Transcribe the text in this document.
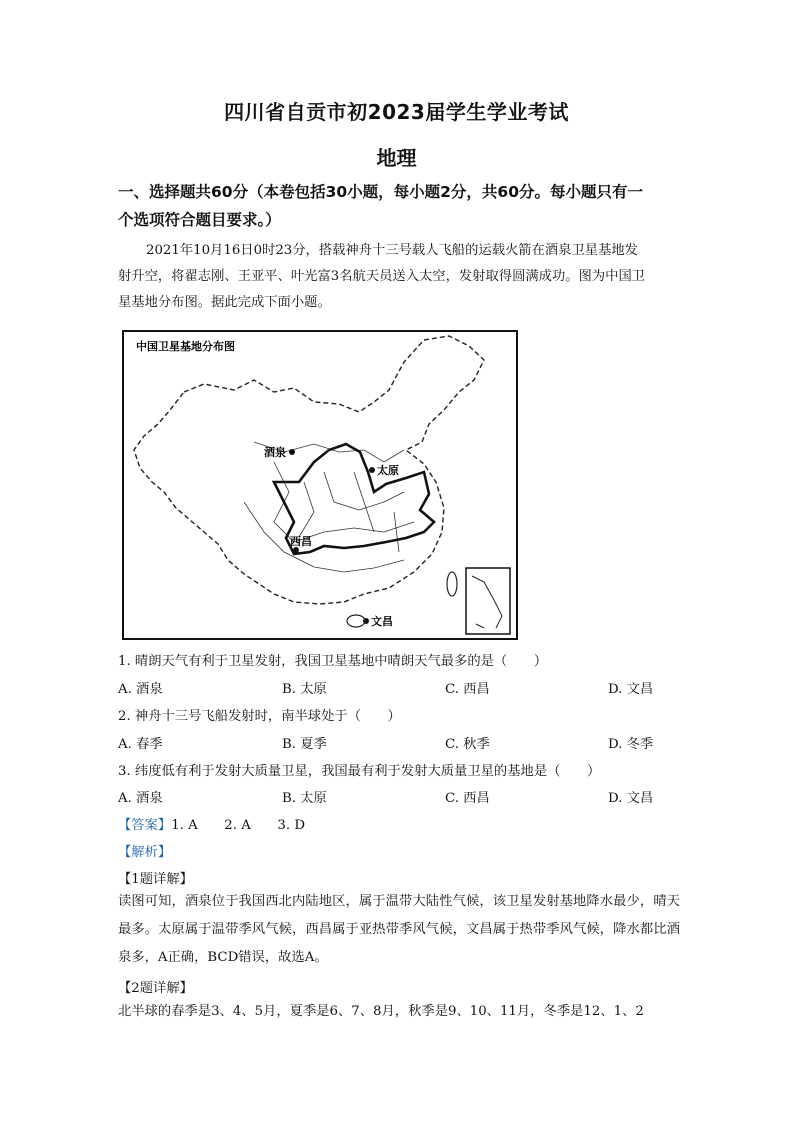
四川省自贡市初2023届学生学业考试
地理
一、选择题共60分（本卷包括30小题，每小题2分，共60分。每小题只有一
个选项符合题目要求。）
2021年10月16日0时23分，搭载神舟十三号载人飞船的运载火箭在酒泉卫星基地发
射升空，将翟志刚、王亚平、叶光富3名航天员送入太空，发射取得圆满成功。图为中国卫
星基地分布图。据此完成下面小题。
中国卫星基地分布图
酒泉
太原
西昌
文昌
1. 晴朗天气有利于卫星发射，我国卫星基地中晴朗天气最多的是（　　）
A. 酒泉	B. 太原	C. 西昌	D. 文昌
2. 神舟十三号飞船发射时，南半球处于（　　）
A. 春季	B. 夏季	C. 秋季	D. 冬季
3. 纬度低有利于发射大质量卫星，我国最有利于发射大质量卫星的基地是（　　）
A. 酒泉	B. 太原	C. 西昌	D. 文昌
【答案】1. A　　2. A　　3. D
【解析】
【1题详解】
读图可知，酒泉位于我国西北内陆地区，属于温带大陆性气候，该卫星发射基地降水最少，晴天最多。太原属于温带季风气候，西昌属于亚热带季风气候，文昌属于热带季风气候，降水都比酒泉多，A正确，BCD错误，故选A。
【2题详解】
北半球的春季是3、4、5月，夏季是6、7、8月，秋季是9、10、11月，冬季是12、1、2
